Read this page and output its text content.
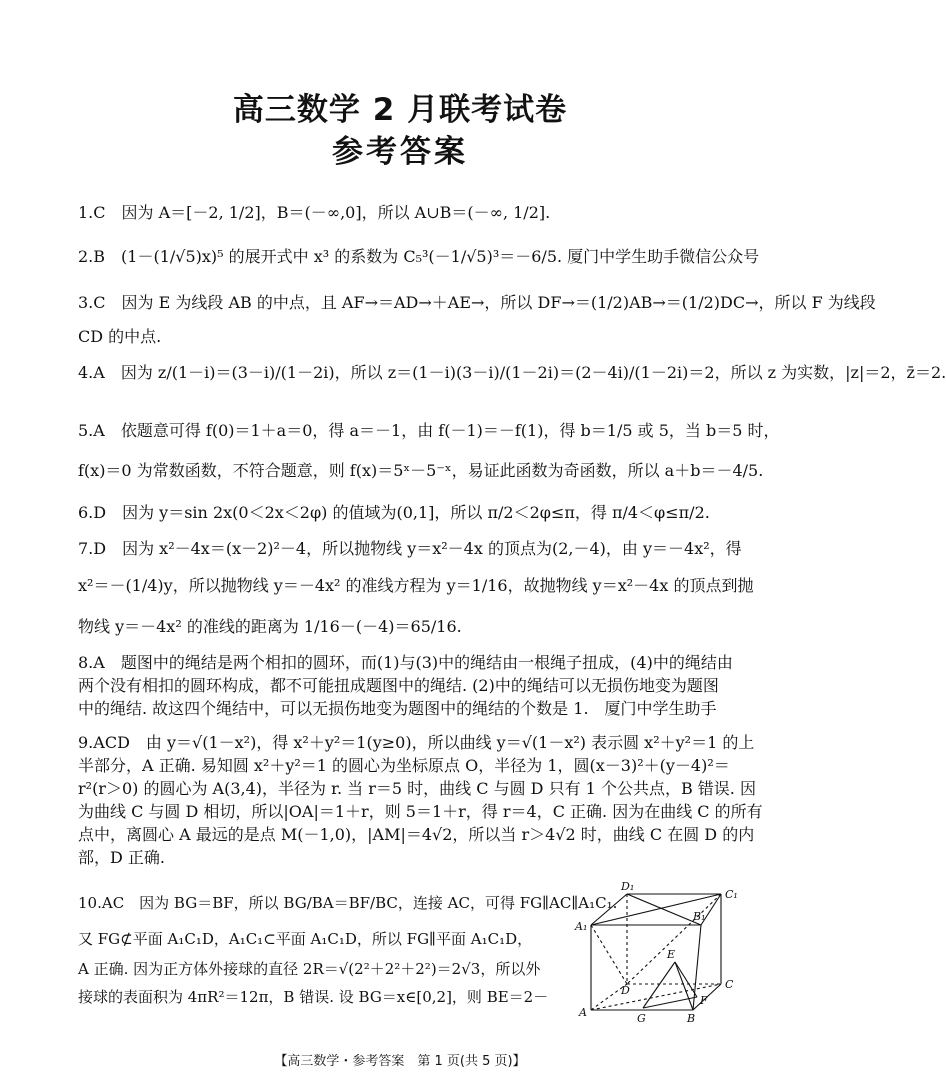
高三数学 2 月联考试卷
参考答案
1.C　因为 A＝[－2, 1/2]，B＝(－∞,0]，所以 A∪B＝(－∞, 1/2].
2.B　(1－(1/√5)x)⁵ 的展开式中 x³ 的系数为 C₅³(－1/√5)³＝－6/5. 厦门中学生助手微信公众号
3.C　因为 E 为线段 AB 的中点，且 AF→＝AD→＋AE→，所以 DF→＝(1/2)AB→＝(1/2)DC→，所以 F 为线段
CD 的中点.
4.A　因为 z/(1－i)＝(3－i)/(1－2i)，所以 z＝(1－i)(3－i)/(1－2i)＝(2－4i)/(1－2i)＝2，所以 z 为实数，|z|＝2，z̄＝2.
5.A　依题意可得 f(0)＝1＋a＝0，得 a＝－1，由 f(－1)＝－f(1)，得 b＝1/5 或 5，当 b＝5 时，
f(x)＝0 为常数函数，不符合题意，则 f(x)＝5ˣ－5⁻ˣ，易证此函数为奇函数，所以 a＋b＝－4/5.
6.D　因为 y＝sin 2x(0＜2x＜2φ) 的值域为(0,1]，所以 π/2＜2φ≤π，得 π/4＜φ≤π/2.
7.D　因为 x²－4x＝(x－2)²－4，所以抛物线 y＝x²－4x 的顶点为(2,－4)，由 y＝－4x²，得
x²＝－(1/4)y，所以抛物线 y＝－4x² 的准线方程为 y＝1/16，故抛物线 y＝x²－4x 的顶点到抛
物线 y＝－4x² 的准线的距离为 1/16－(－4)＝65/16.
8.A　题图中的绳结是两个相扣的圆环，而(1)与(3)中的绳结由一根绳子扭成，(4)中的绳结由
两个没有相扣的圆环构成，都不可能扭成题图中的绳结. (2)中的绳结可以无损伤地变为题图
中的绳结. 故这四个绳结中，可以无损伤地变为题图中的绳结的个数是 1.　厦门中学生助手
9.ACD　由 y＝√(1－x²)，得 x²＋y²＝1(y≥0)，所以曲线 y＝√(1－x²) 表示圆 x²＋y²＝1 的上
半部分，A 正确. 易知圆 x²＋y²＝1 的圆心为坐标原点 O，半径为 1，圆(x－3)²＋(y－4)²＝
r²(r＞0) 的圆心为 A(3,4)，半径为 r. 当 r＝5 时，曲线 C 与圆 D 只有 1 个公共点，B 错误. 因
为曲线 C 与圆 D 相切，所以|OA|＝1＋r，则 5＝1＋r，得 r＝4，C 正确. 因为在曲线 C 的所有
点中，离圆心 A 最远的是点 M(－1,0)，|AM|＝4√2，所以当 r＞4√2 时，曲线 C 在圆 D 的内
部，D 正确.
10.AC　因为 BG＝BF，所以 BG/BA＝BF/BC，连接 AC，可得 FG∥AC∥A₁C₁.
又 FG⊄平面 A₁C₁D，A₁C₁⊂平面 A₁C₁D，所以 FG∥平面 A₁C₁D，
A 正确. 因为正方体外接球的直径 2R＝√(2²＋2²＋2²)＝2√3，所以外
接球的表面积为 4πR²＝12π，B 错误. 设 BG＝x∈[0,2]，则 BE＝2－
D₁
C₁
B₁
A₁
E
D	C
F
A	G	B
【高三数学・参考答案　第 1 页(共 5 页)】
